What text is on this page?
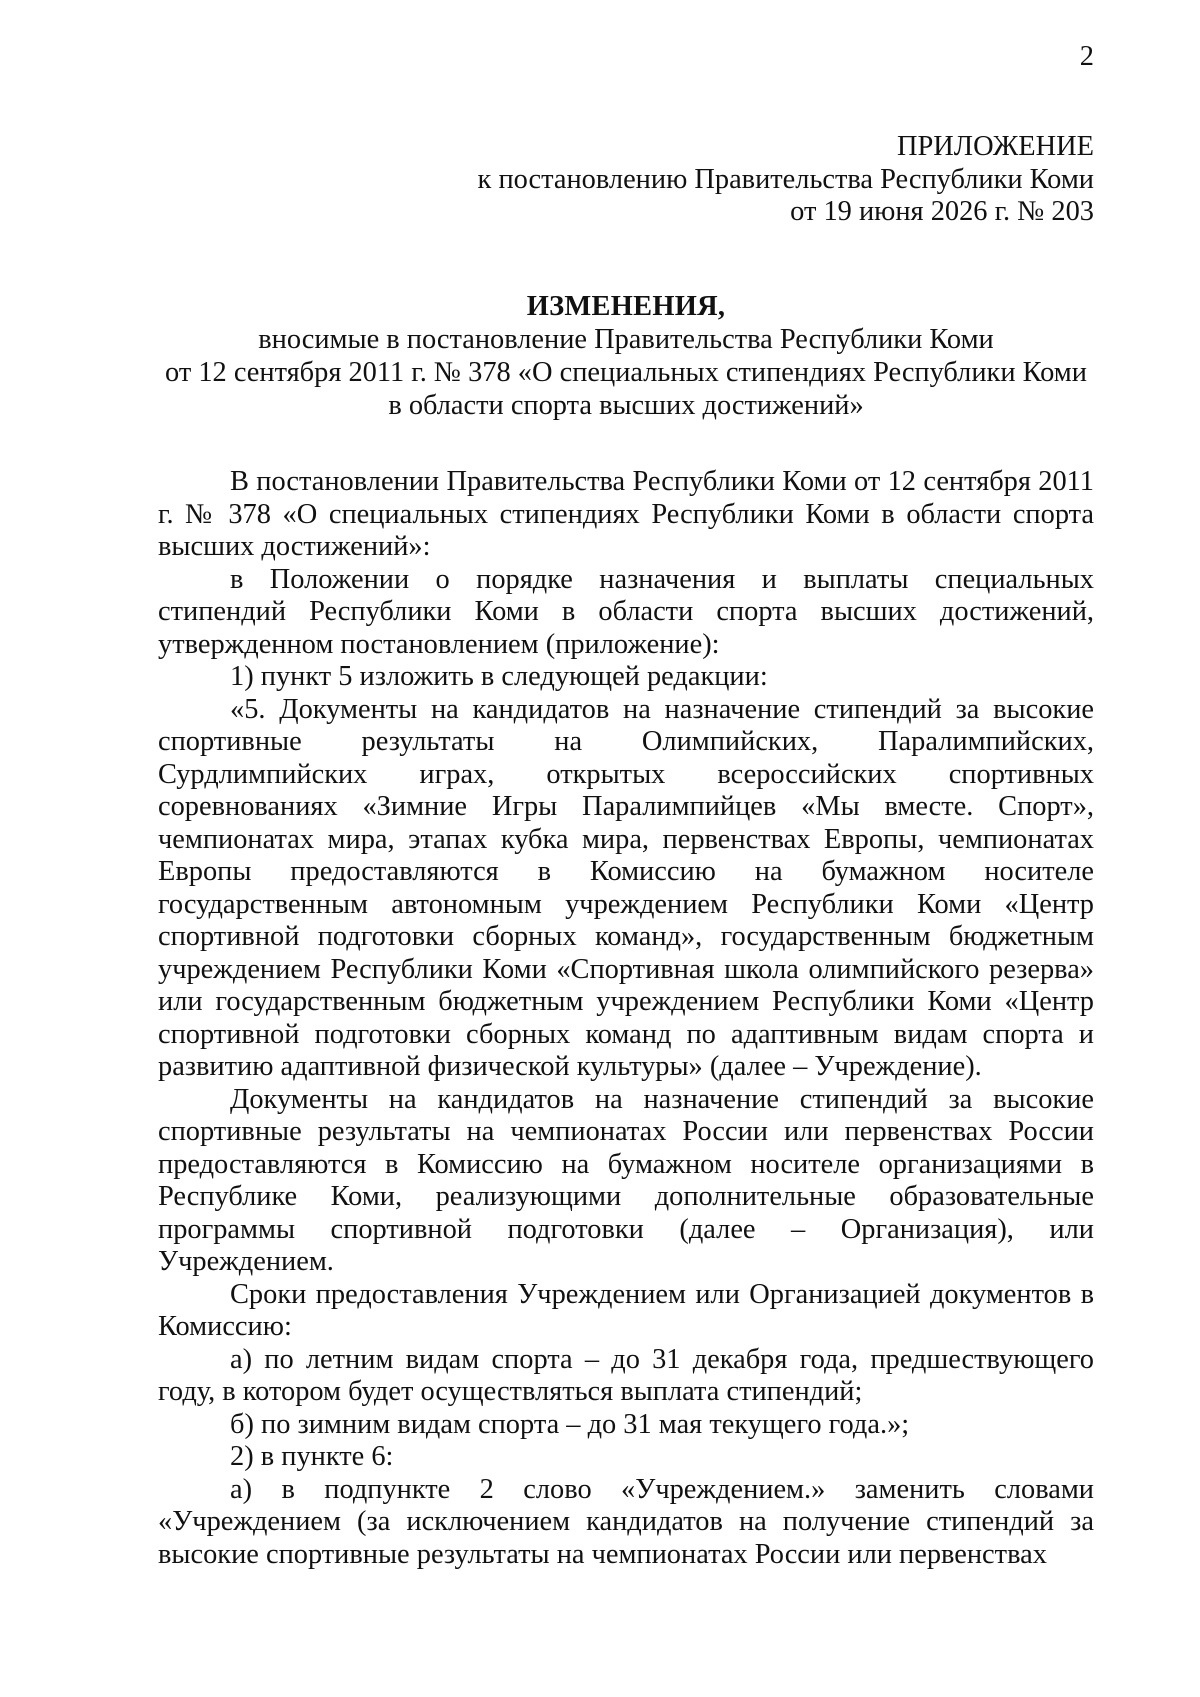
2
ПРИЛОЖЕНИЕ
к постановлению Правительства Республики Коми
от 19 июня 2026 г. № 203
ИЗМЕНЕНИЯ,
вносимые в постановление Правительства Республики Коми
от 12 сентября 2011 г. № 378 «О специальных стипендиях Республики Коми
в области спорта высших достижений»

В постановлении Правительства Республики Коми от 12 сентября 2011 г. № 378 «О специальных стипендиях Республики Коми в области спорта высших достижений»:

в Положении о порядке назначения и выплаты специальных стипендий Республики Коми в области спорта высших достижений, утвержденном постановлением (приложение):

1) пункт 5 изложить в следующей редакции:

«5. Документы на кандидатов на назначение стипендий за высокие спортивные результаты на Олимпийских, Паралимпийских, Сурдлимпийских играх, открытых всероссийских спортивных соревнованиях «Зимние Игры Паралимпийцев «Мы вместе. Спорт», чемпионатах мира, этапах кубка мира, первенствах Европы, чемпионатах Европы предоставляются в Комиссию на бумажном носителе государственным автономным учреждением Республики Коми «Центр спортивной подготовки сборных команд», государственным бюджетным учреждением Республики Коми «Спортивная школа олимпийского резерва» или государственным бюджетным учреждением Республики Коми «Центр спортивной подготовки сборных команд по адаптивным видам спорта и развитию адаптивной физической культуры» (далее – Учреждение).

Документы на кандидатов на назначение стипендий за высокие спортивные результаты на чемпионатах России или первенствах России предоставляются в Комиссию на бумажном носителе организациями в Республике Коми, реализующими дополнительные образовательные программы спортивной подготовки (далее – Организация), или Учреждением.

Сроки предоставления Учреждением или Организацией документов в Комиссию:

а) по летним видам спорта – до 31 декабря года, предшествующего году, в котором будет осуществляться выплата стипендий;

б) по зимним видам спорта – до 31 мая текущего года.»;

2) в пункте 6:

а) в подпункте 2 слово «Учреждением.» заменить словами «Учреждением (за исключением кандидатов на получение стипендий за высокие спортивные результаты на чемпионатах России или первенствах
